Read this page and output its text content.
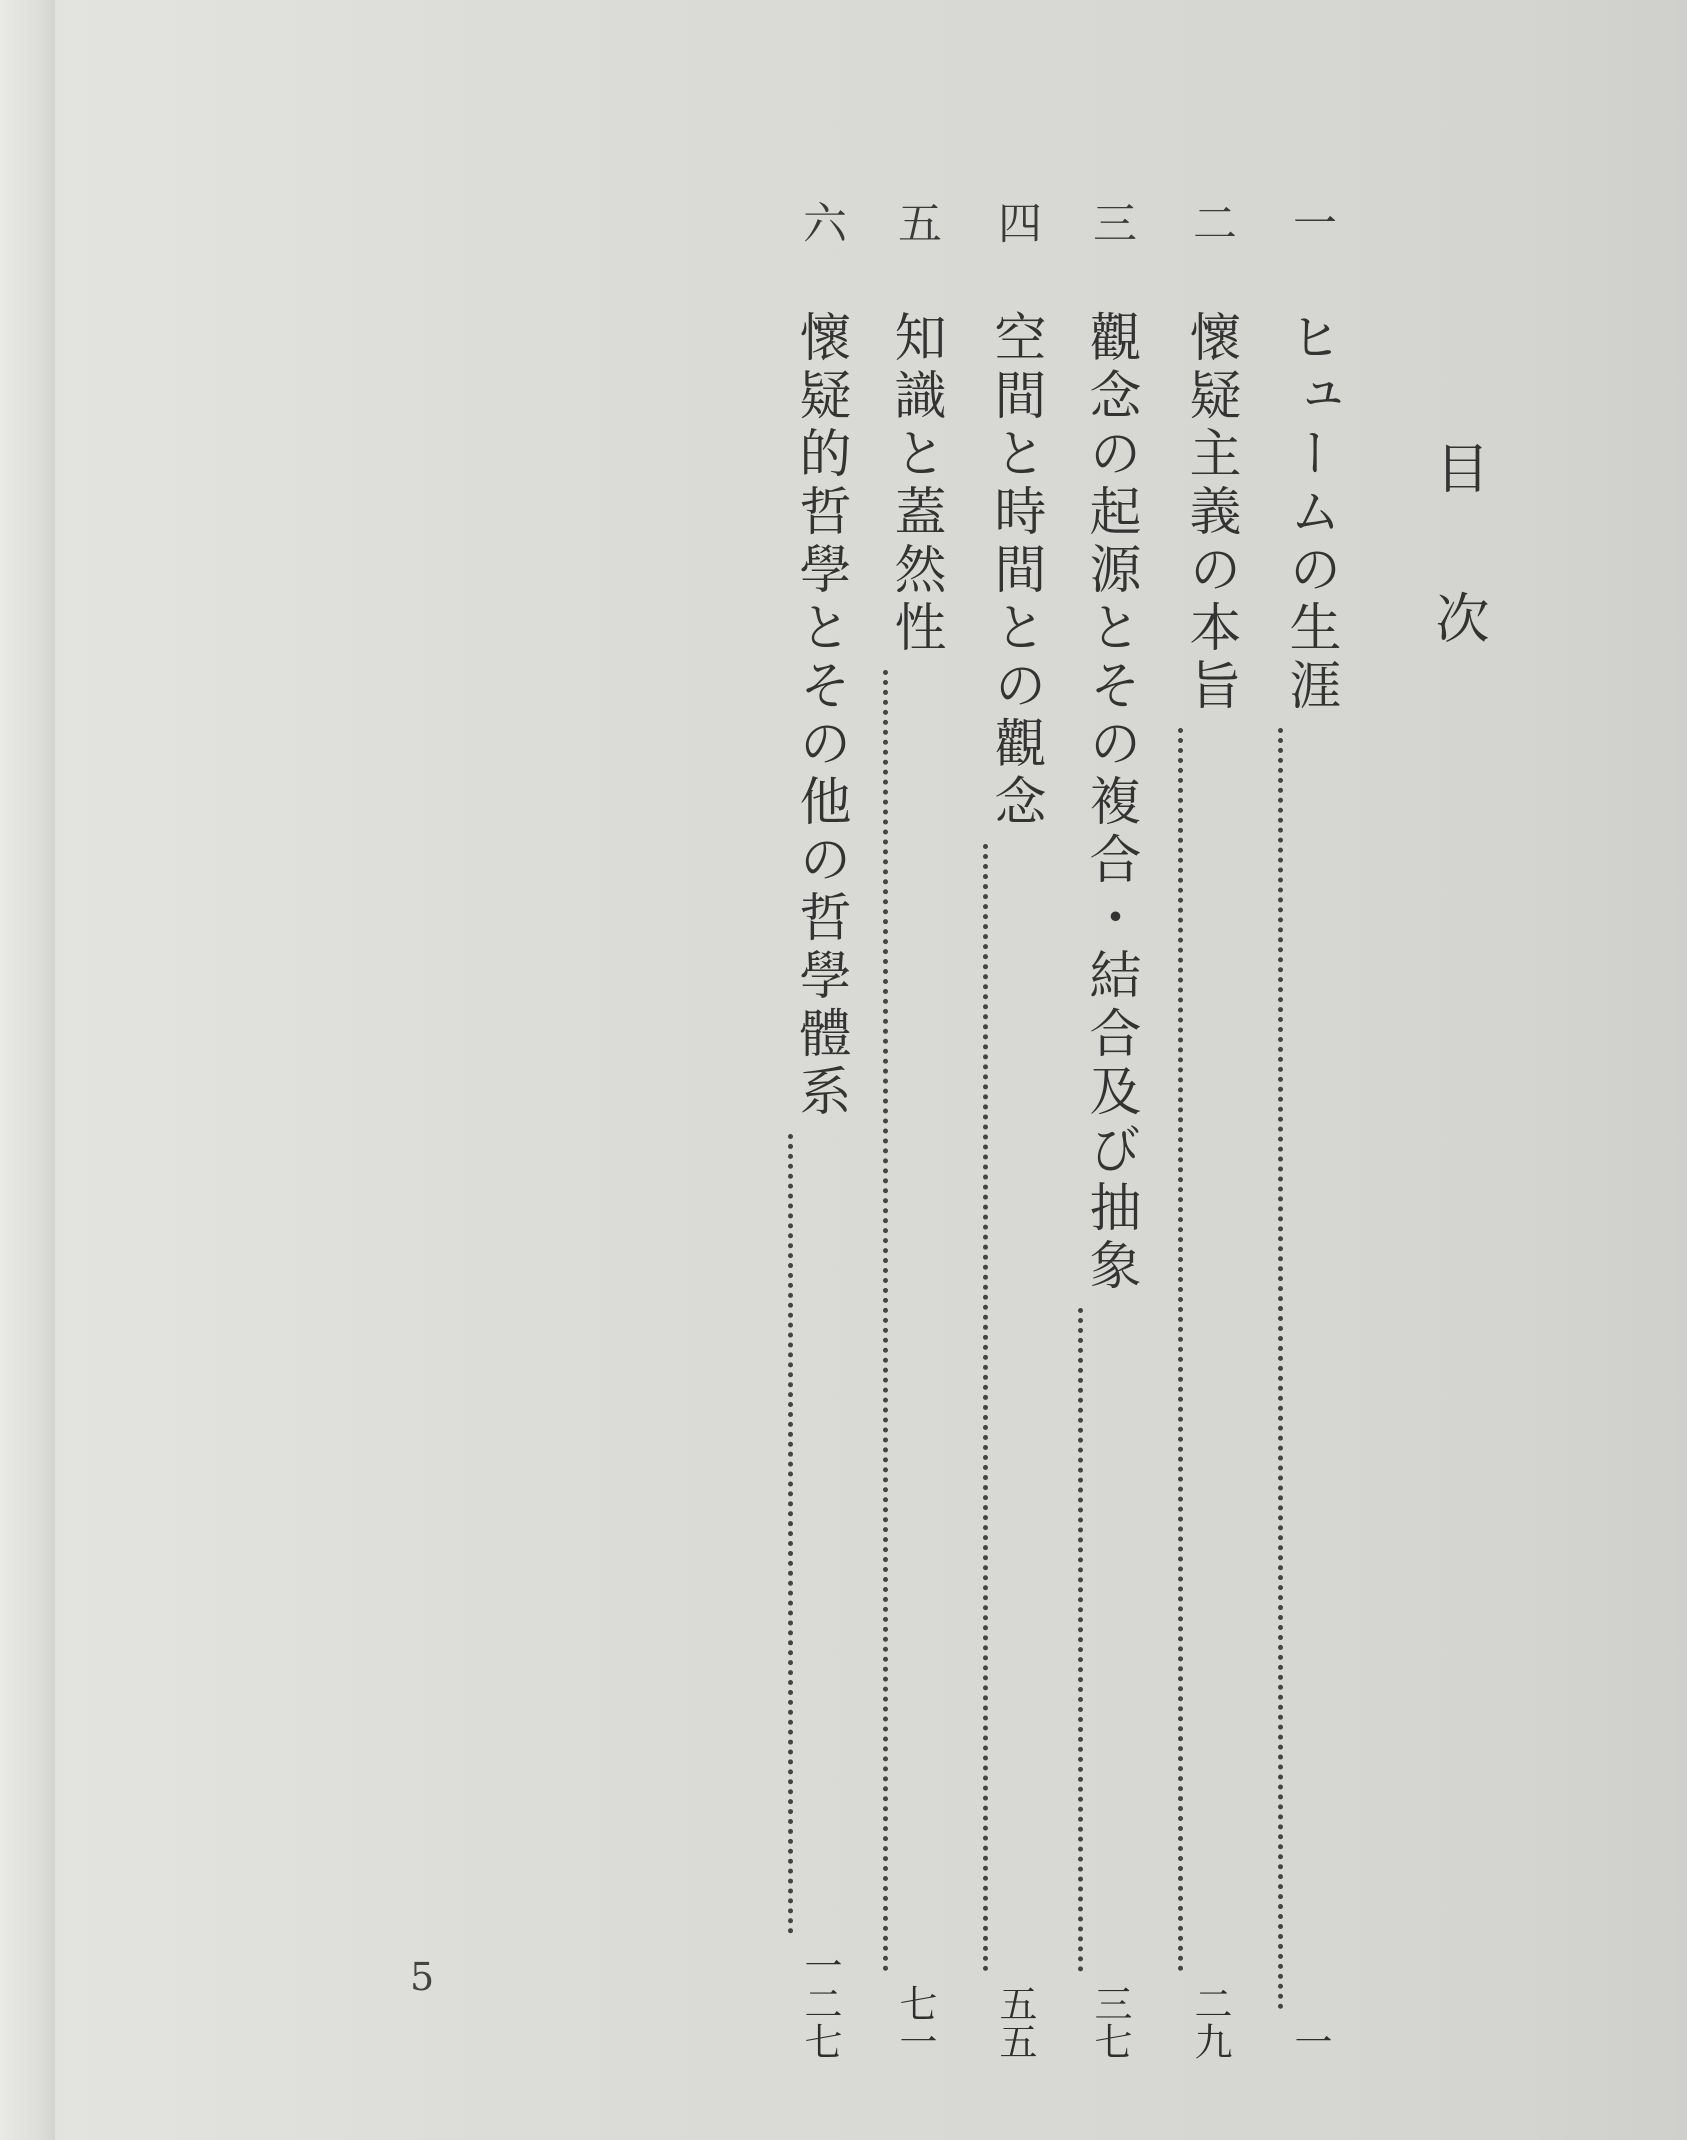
目次
一
ヒュームの生涯
一
二
懷疑主義の本旨
二九
三
觀念の起源とその複合・結合及び抽象
三七
四
空間と時間との觀念
五五
五
知識と蓋然性
七一
六
懷疑的哲學とその他の哲學體系
一二七
5
